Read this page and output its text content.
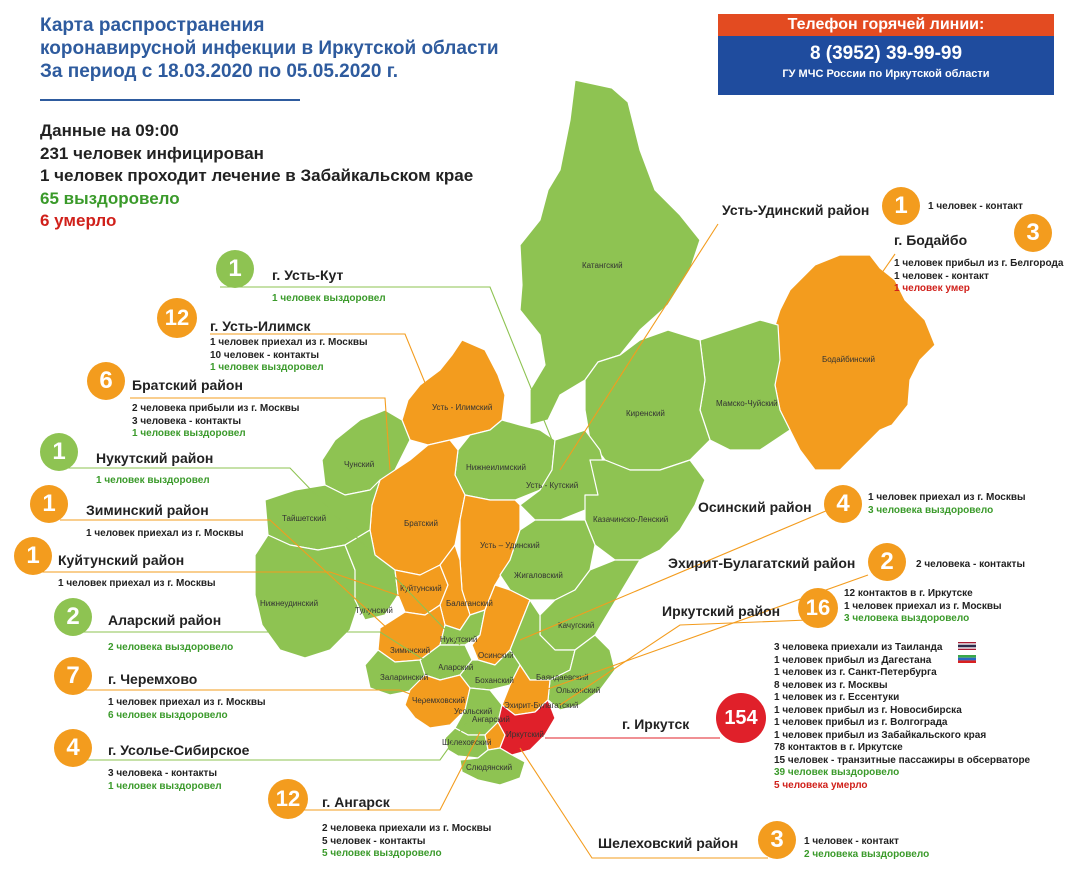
Катангский
Бодайбинский
Мамско-Чуйский
Киренский
Усть - Илимский
Нижнеилимский
Усть - Кутский
Чунский
Братский
Усть – Удинский
Казачинско-Ленский
Тайшетский
Жигаловский
Куйтунский
Балаганский
Нижнеудинский
Тулунский
Качугский
Нукутский
Зиминский
Осинский
Аларский
Баяндаевский
Заларинский	Боханский
Ольхонский
Черемховский
Эхирит-Булагатский
Усольский
Ангарский
Иркутский
Шелеховский
Слюдянский
Карта распространения
коронавирусной инфекции в Иркутской области
За период с 18.03.2020 по 05.05.2020 г.
Данные на 09:00
231 человек инфицирован
1 человек проходит лечение в Забайкальском крае
65 выздоровело
6 умерло
Телефон горячей линии:
8 (3952) 39-99-99
ГУ МЧС России по Иркутской области
Усть-Удинский район	1	1 человек - контакт
г. Бодайбо	3
1 человек прибыл из г. Белгорода
1 человек - контакт
1 человек умер
1	г. Усть-Кут
1 человек выздоровел
12	г. Усть-Илимск
1 человек приехал из г. Москвы
10 человек - контакты
1 человек выздоровел
6	Братский район
2 человека прибыли из г. Москвы
3 человека - контакты
1 человек выздоровел
1	Нукутский район
1 человек выздоровел
1	Зиминский район
1 человек приехал из г. Москвы
1	Куйтунский район
1 человек приехал из г. Москвы
2	Аларский район
2 человека выздоровело
7	г. Черемхово
1 человек приехал из г. Москвы
6 человек выздоровело
4	г. Усолье-Сибирское
3 человека - контакты
1 человек выздоровел	12	г. Ангарск
2 человека приехали из г. Москвы
5 человек - контакты
5 человек выздоровело
Осинский район	4	1 человек приехал из г. Москвы
3 человека выздоровело
Эхирит-Булагатский район	2	2 человека - контакты
Иркутский район	16
12 контактов в г. Иркутске
1 человек приехал из г. Москвы
3 человека выздоровело
г. Иркутск	154
3 человека приехали из Таиланда
1 человек прибыл из Дагестана
1 человек из г. Санкт-Петербурга
8 человек из г. Москвы
1 человек из г. Ессентуки
1 человек прибыл из г. Новосибирска
1 человек прибыл из г. Волгограда
1 человек прибыл из Забайкальского края
78 контактов в г. Иркутске
15 человек - транзитные пассажиры в обсерваторе
39 человек выздоровело
5 человека умерло
Шелеховский район	3	1 человек - контакт
2 человека выздоровело
